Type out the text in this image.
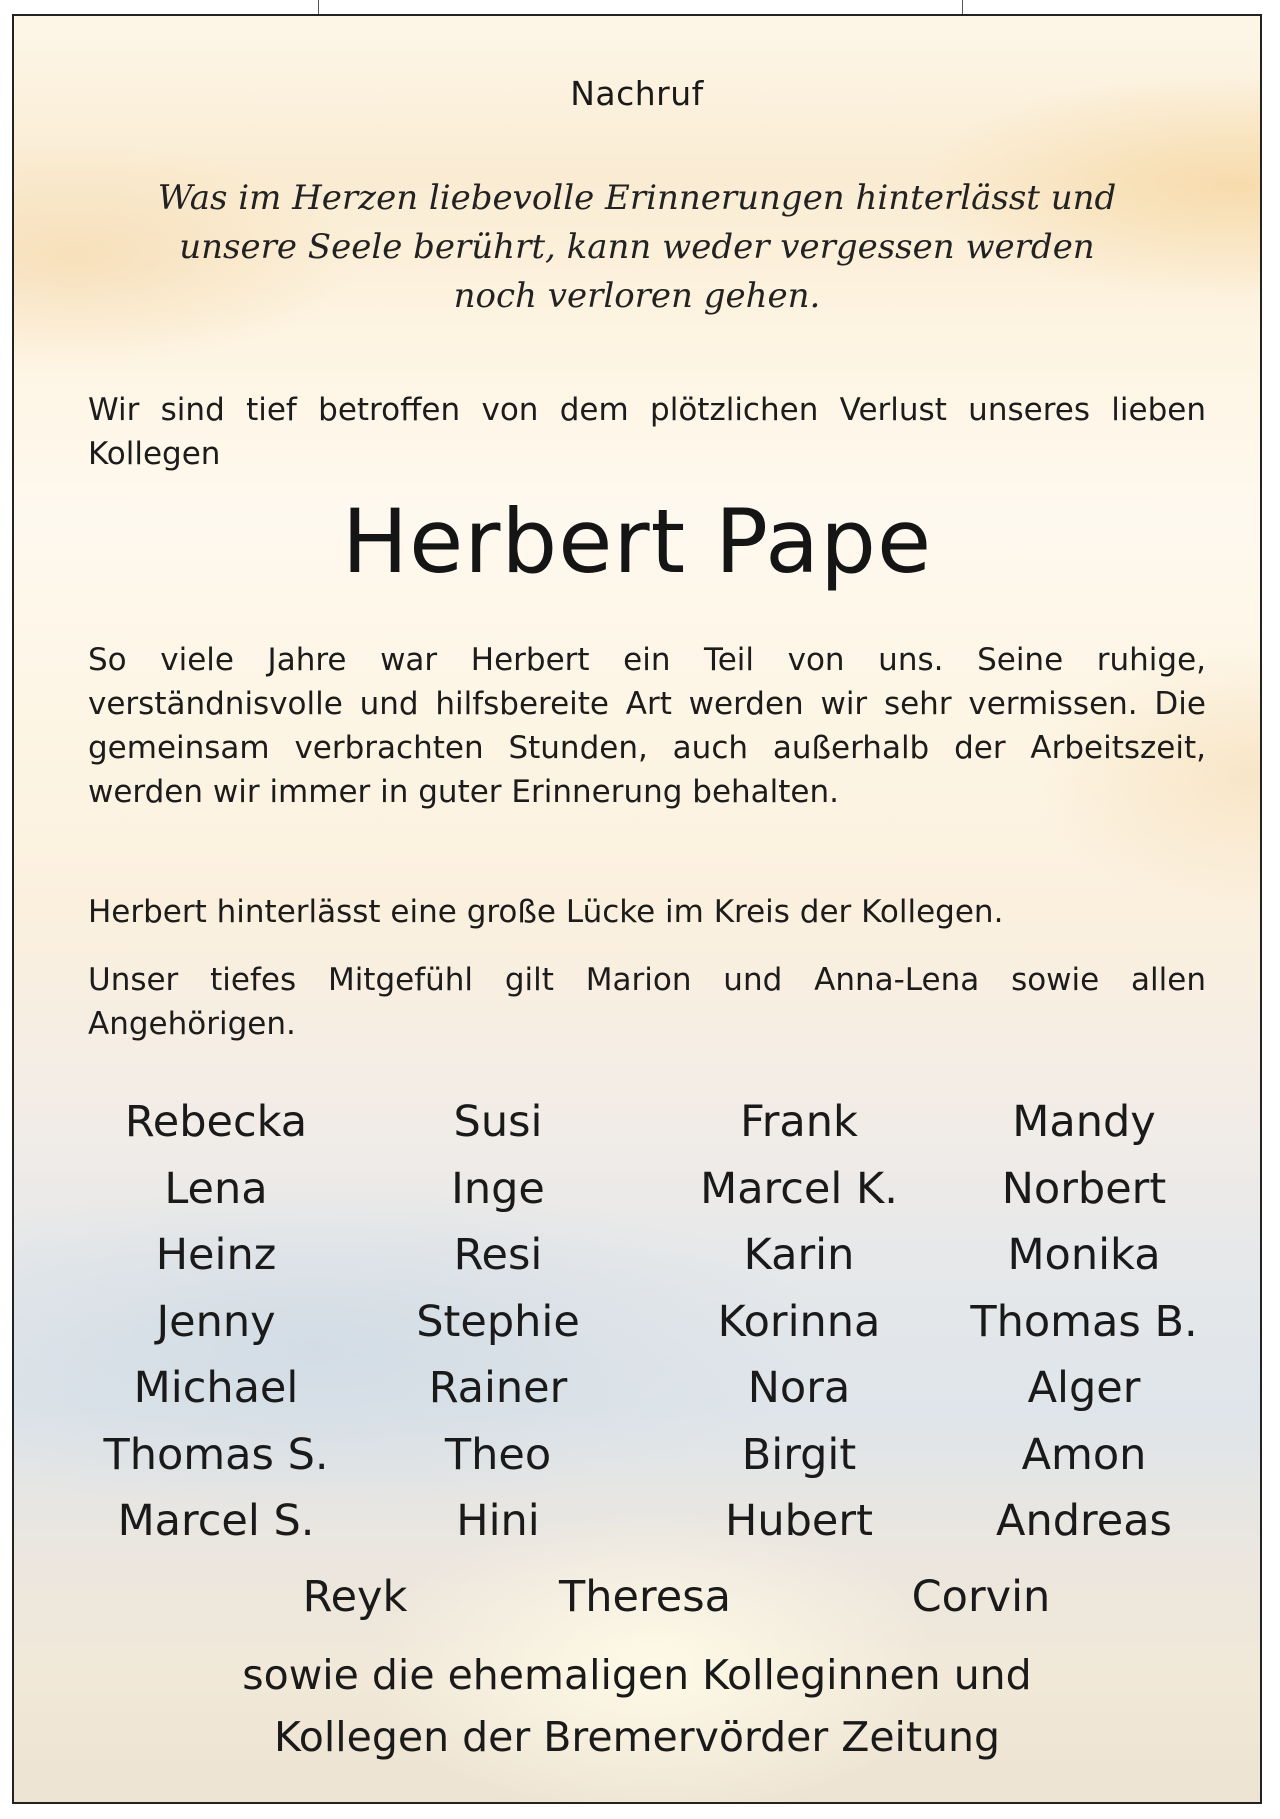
Nachruf
Was im Herzen liebevolle Erinnerungen hinterlässt und
unsere Seele berührt, kann weder vergessen werden
noch verloren gehen.
Wir sind tief betroffen von dem plötzlichen Verlust unseres lieben Kollegen
Herbert Pape
So viele Jahre war Herbert ein Teil von uns. Seine ruhige, verständnisvolle und hilfsbereite Art werden wir sehr vermissen. Die gemeinsam verbrachten Stunden, auch außerhalb der Arbeitszeit, werden wir immer in guter Erinnerung behalten.
Herbert hinterlässt eine große Lücke im Kreis der Kollegen.
Unser tiefes Mitgefühl gilt Marion und Anna-Lena sowie allen Angehörigen.
Rebecka
Lena
Heinz
Jenny
Michael
Thomas S.
Marcel S.
Susi
Inge
Resi
Stephie
Rainer
Theo
Hini
Frank
Marcel K.
Karin
Korinna
Nora
Birgit
Hubert
Mandy
Norbert
Monika
Thomas B.
Alger
Amon
Andreas
Reyk	Theresa	Corvin
sowie die ehemaligen Kolleginnen und
Kollegen der Bremervörder Zeitung
